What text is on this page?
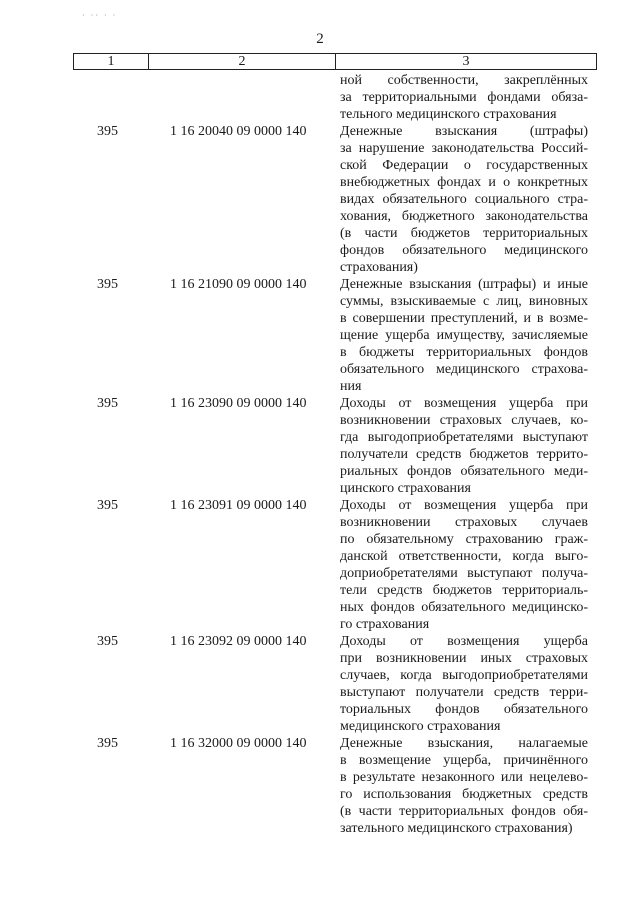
· ·· · ·
2
1	2	3
ной собственности, закреплённых
за территориальными фондами обяза-
тельного медицинского страхования
395	1 16 20040 09 0000 140	Денежные взыскания (штрафы)
за нарушение законодательства Россий-
ской Федерации о государственных
внебюджетных фондах и о конкретных
видах обязательного социального стра-
хования, бюджетного законодательства
(в части бюджетов территориальных
фондов обязательного медицинского
страхования)
395	1 16 21090 09 0000 140	Денежные взыскания (штрафы) и иные
суммы, взыскиваемые с лиц, виновных
в совершении преступлений, и в возме-
щение ущерба имуществу, зачисляемые
в бюджеты территориальных фондов
обязательного медицинского страхова-
ния
395	1 16 23090 09 0000 140	Доходы от возмещения ущерба при
возникновении страховых случаев, ко-
гда выгодоприобретателями выступают
получатели средств бюджетов террито-
риальных фондов обязательного меди-
цинского страхования
395	1 16 23091 09 0000 140	Доходы от возмещения ущерба при
возникновении страховых случаев
по обязательному страхованию граж-
данской ответственности, когда выго-
доприобретателями выступают получа-
тели средств бюджетов территориаль-
ных фондов обязательного медицинско-
го страхования
395	1 16 23092 09 0000 140	Доходы от возмещения ущерба
при возникновении иных страховых
случаев, когда выгодоприобретателями
выступают получатели средств терри-
ториальных фондов обязательного
медицинского страхования
395	1 16 32000 09 0000 140	Денежные взыскания, налагаемые
в возмещение ущерба, причинённого
в результате незаконного или нецелево-
го использования бюджетных средств
(в части территориальных фондов обя-
зательного медицинского страхования)
